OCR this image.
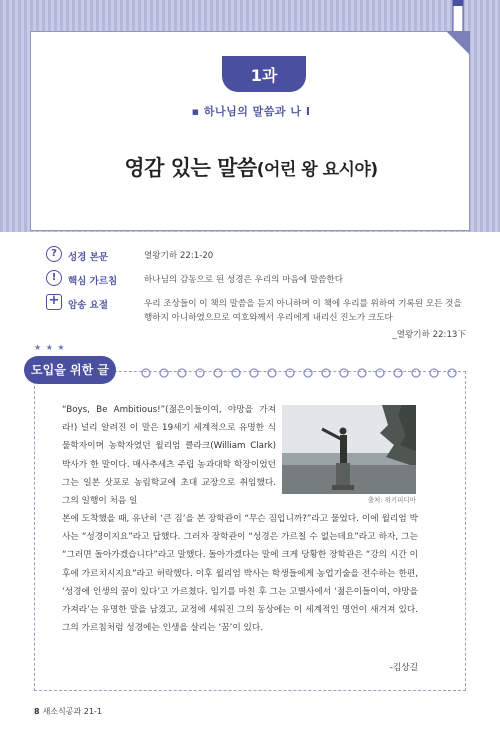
1과
▪ 하나님의 말씀과 나 I
영감 있는 말씀(어린 왕 요시야)
?	성경 본문	열왕기하 22:1-20
!	핵심 가르침	하나님의 감동으로 된 성경은 우리의 마음에 말씀한다
+ 암송 요절	우리 조상들이 이 책의 말씀을 듣지 아니하며 이 책에 우리를 위하여 기록된 모든 것을 행하지 아니하였으므로 여호와께서 우리에게 내리신 진노가 크도다
_열왕기하 22:13下
★ ★ ★
도입을 위한 글
출처: 위키피디아
“Boys, Be Ambitious!”(젊은이들이여, 야망을 가져라!) 널리 알려진 이 말은 19세기 세계적으로 유명한 식물학자이며 농학자였던 윌리엄 클라크(William Clark) 박사가 한 말이다. 매사추세츠 주립 농과대학 학장이었던 그는 일본 삿포로 농림학교에 초대 교장으로 취임했다. 그의 일행이 처음 일
본에 도착했을 때, 유난히 ‘큰 짐’을 본 장학관이 “무슨 짐입니까?”라고 물었다. 이에 윌리엄 박사는 “성경이지요”라고 답했다. 그러자 장학관이 “성경은 가르칠 수 없는데요”라고 하자, 그는 “그러면 돌아가겠습니다”라고 말했다. 돌아가겠다는 말에 크게 당황한 장학관은 “강의 시간 이후에 가르치시지요”라고 허락했다. 이후 윌리엄 박사는 학생들에게 농업기술을 전수하는 한편, ‘성경에 인생의 꿈이 있다’고 가르쳤다. 임기를 마친 후 그는 고별사에서 ‘젊은이들이여, 야망을 가져라’는 유명한 말을 남겼고, 교정에 세워진 그의 동상에는 이 세계적인 명언이 새겨져 있다. 그의 가르침처럼 성경에는 인생을 살리는 ‘꿈’이 있다.
-김상길
8 새소식공과 21-1
